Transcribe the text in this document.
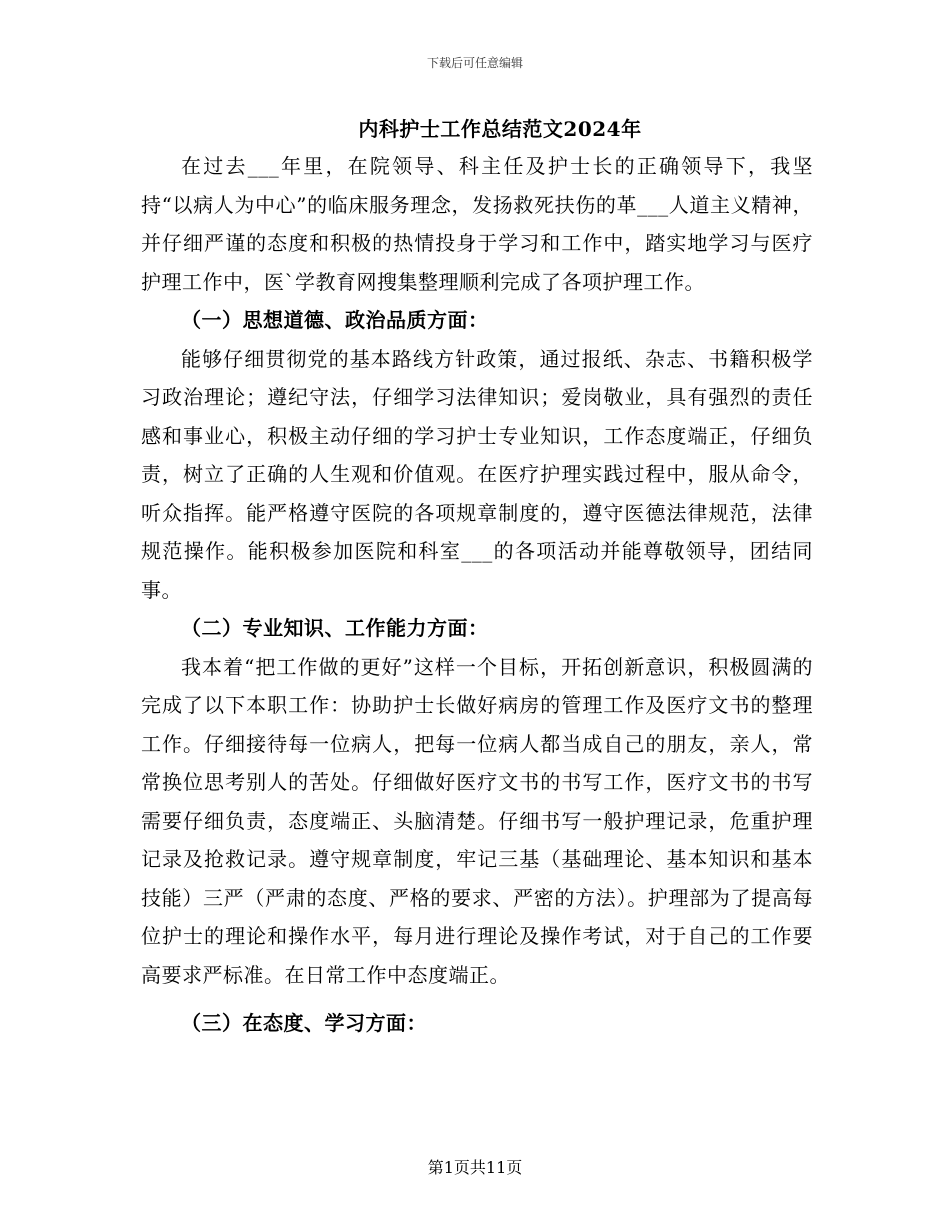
下载后可任意编辑
内科护士工作总结范文2024年

在过去___年里，在院领导、科主任及护士长的正确领导下，我坚持“以病人为中心”的临床服务理念，发扬救死扶伤的革___人道主义精神，并仔细严谨的态度和积极的热情投身于学习和工作中，踏实地学习与医疗护理工作中，医`学教育网搜集整理顺利完成了各项护理工作。

（一）思想道德、政治品质方面：

能够仔细贯彻党的基本路线方针政策，通过报纸、杂志、书籍积极学习政治理论；遵纪守法，仔细学习法律知识；爱岗敬业，具有强烈的责任感和事业心，积极主动仔细的学习护士专业知识，工作态度端正，仔细负责，树立了正确的人生观和价值观。在医疗护理实践过程中，服从命令，听众指挥。能严格遵守医院的各项规章制度的，遵守医德法律规范，法律规范操作。能积极参加医院和科室___的各项活动并能尊敬领导，团结同事。

（二）专业知识、工作能力方面：

我本着“把工作做的更好”这样一个目标，开拓创新意识，积极圆满的完成了以下本职工作：协助护士长做好病房的管理工作及医疗文书的整理工作。仔细接待每一位病人，把每一位病人都当成自己的朋友，亲人，常常换位思考别人的苦处。仔细做好医疗文书的书写工作，医疗文书的书写需要仔细负责，态度端正、头脑清楚。仔细书写一般护理记录，危重护理记录及抢救记录。遵守规章制度，牢记三基（基础理论、基本知识和基本技能）三严（严肃的态度、严格的要求、严密的方法）。护理部为了提高每位护士的理论和操作水平，每月进行理论及操作考试，对于自己的工作要高要求严标准。在日常工作中态度端正。

（三）在态度、学习方面：
第1页共11页
